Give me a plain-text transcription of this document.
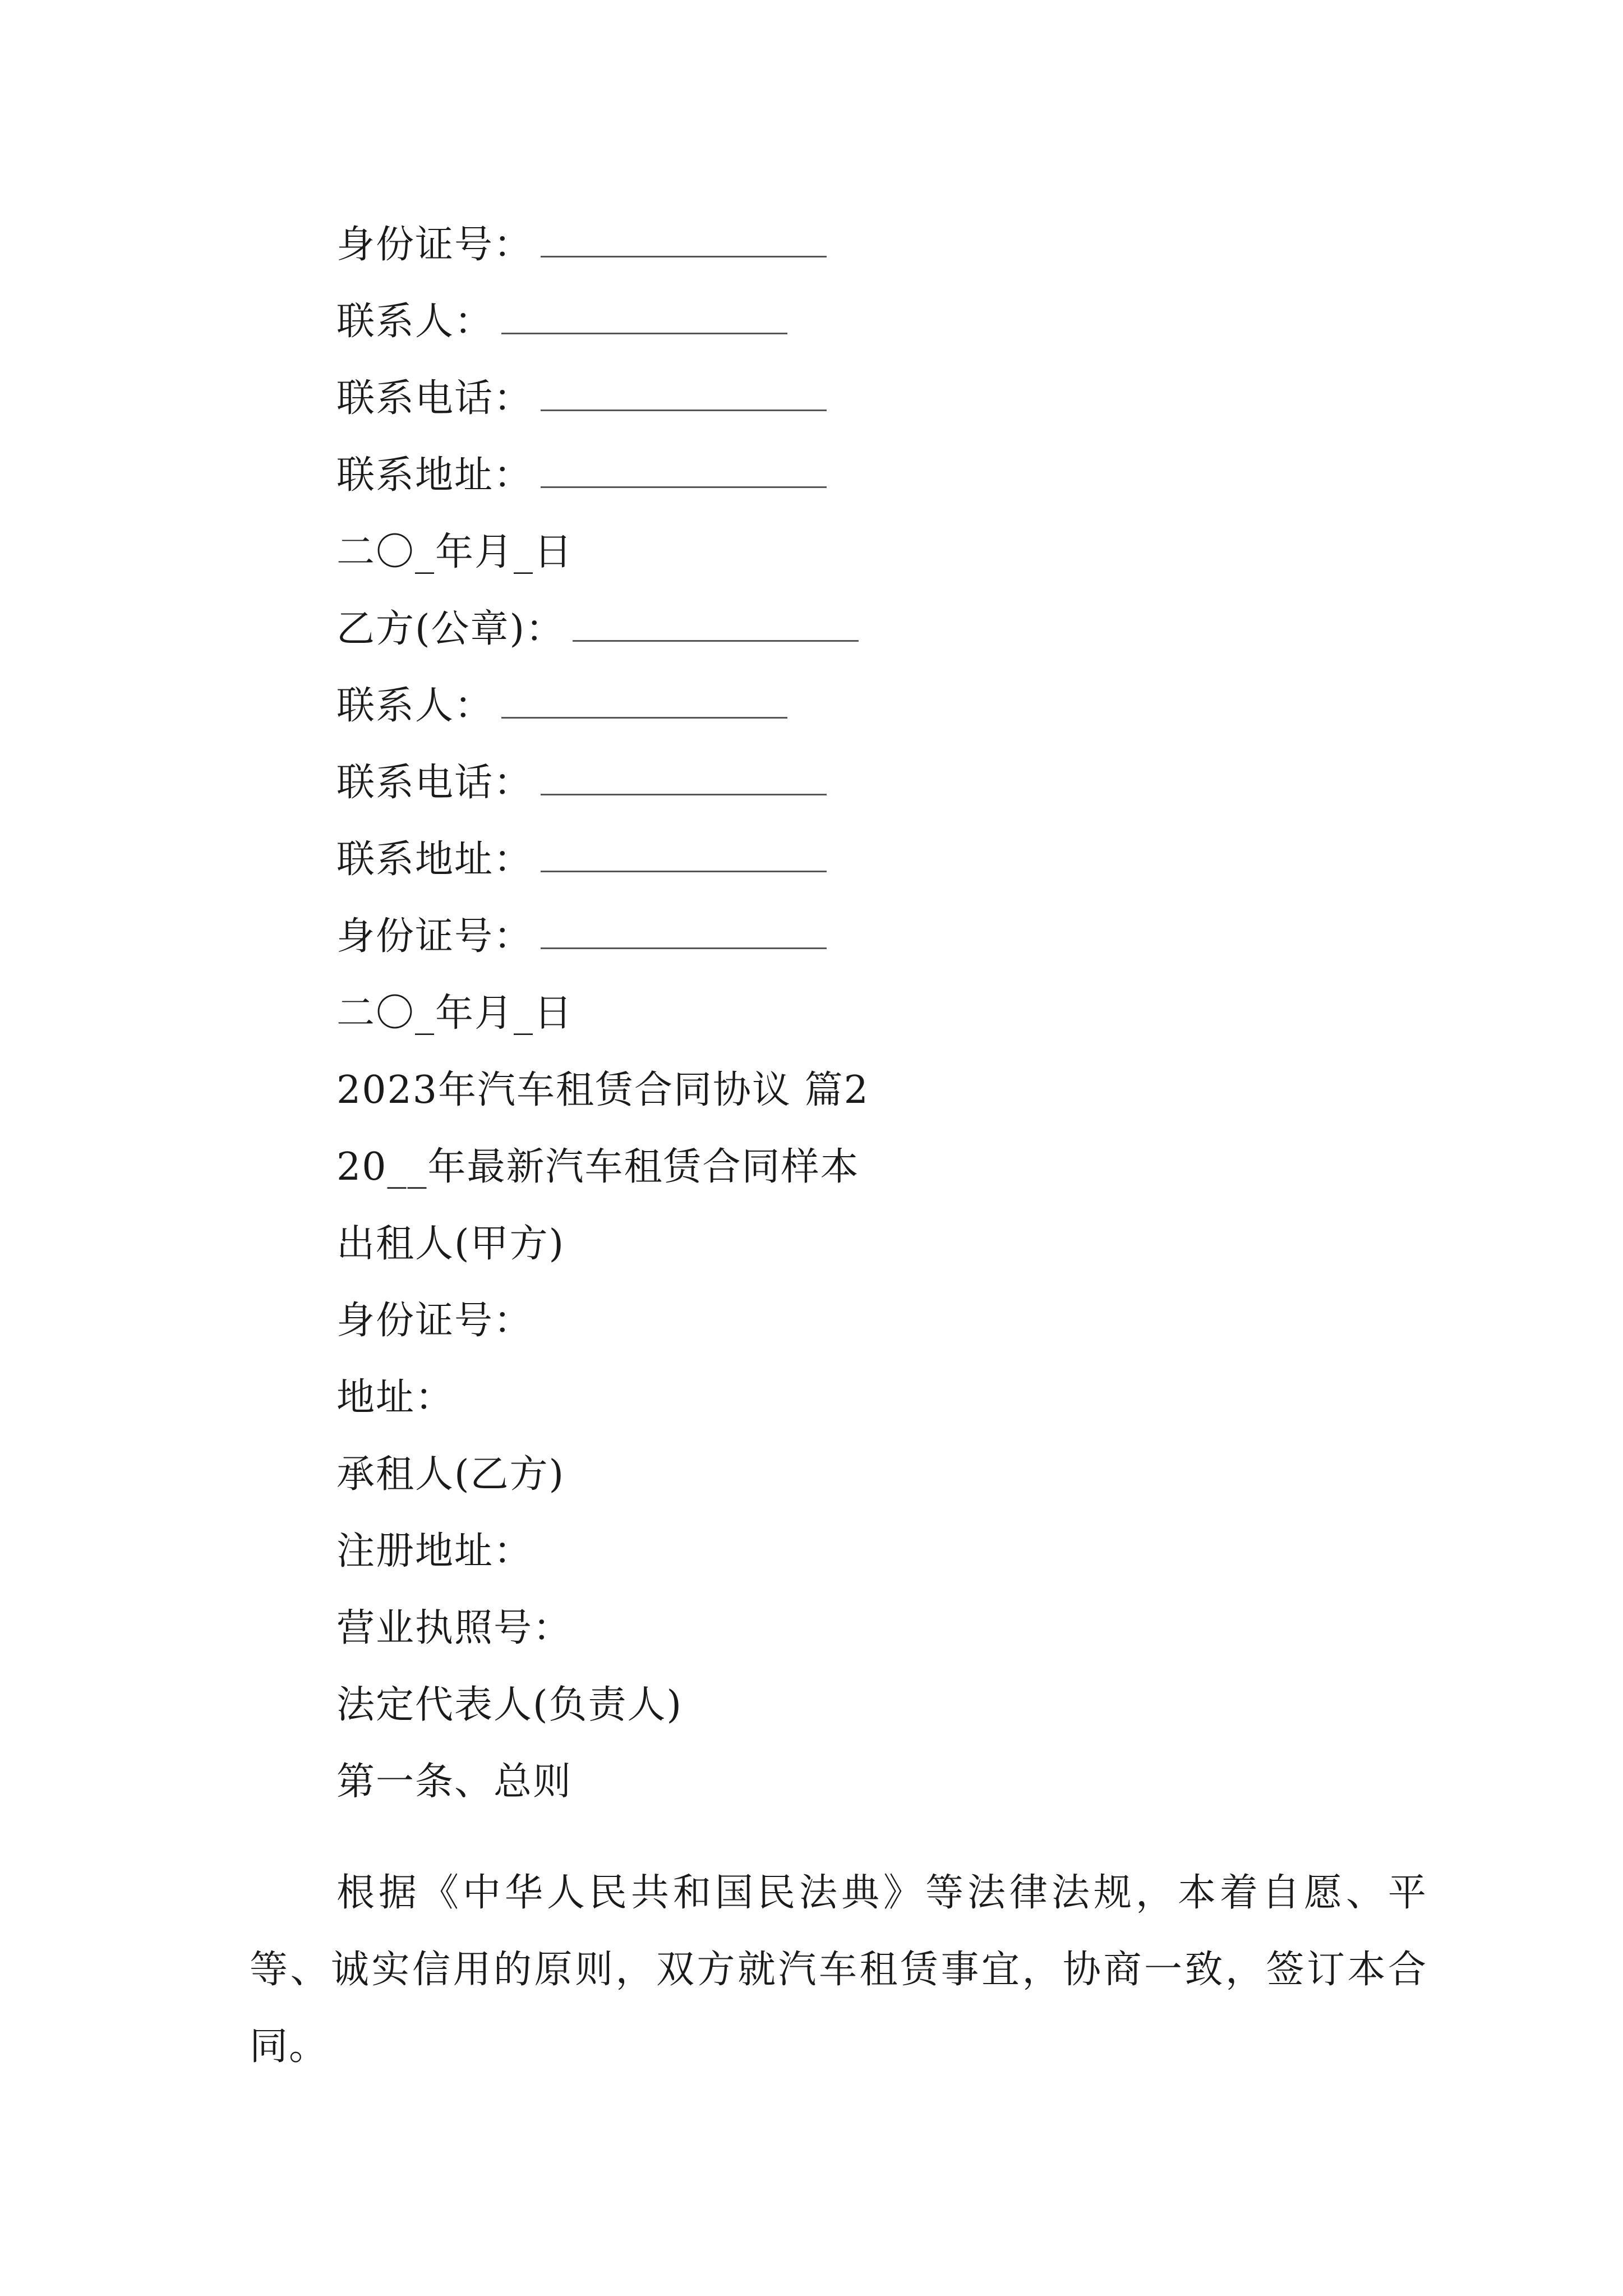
身份证号：
联系人：
联系电话：
联系地址：
二〇_年月_日
乙方(公章)：
联系人：
联系电话：
联系地址：
身份证号：
二〇_年月_日
2023年汽车租赁合同协议 篇2
20__年最新汽车租赁合同样本
出租人(甲方)
身份证号：
地址：
承租人(乙方)
注册地址：
营业执照号：
法定代表人(负责人)
第一条、总则

根据《中华人民共和国民法典》等法律法规，本着自愿、平等、诚实信用的原则，双方就汽车租赁事宜，协商一致，签订本合同。
